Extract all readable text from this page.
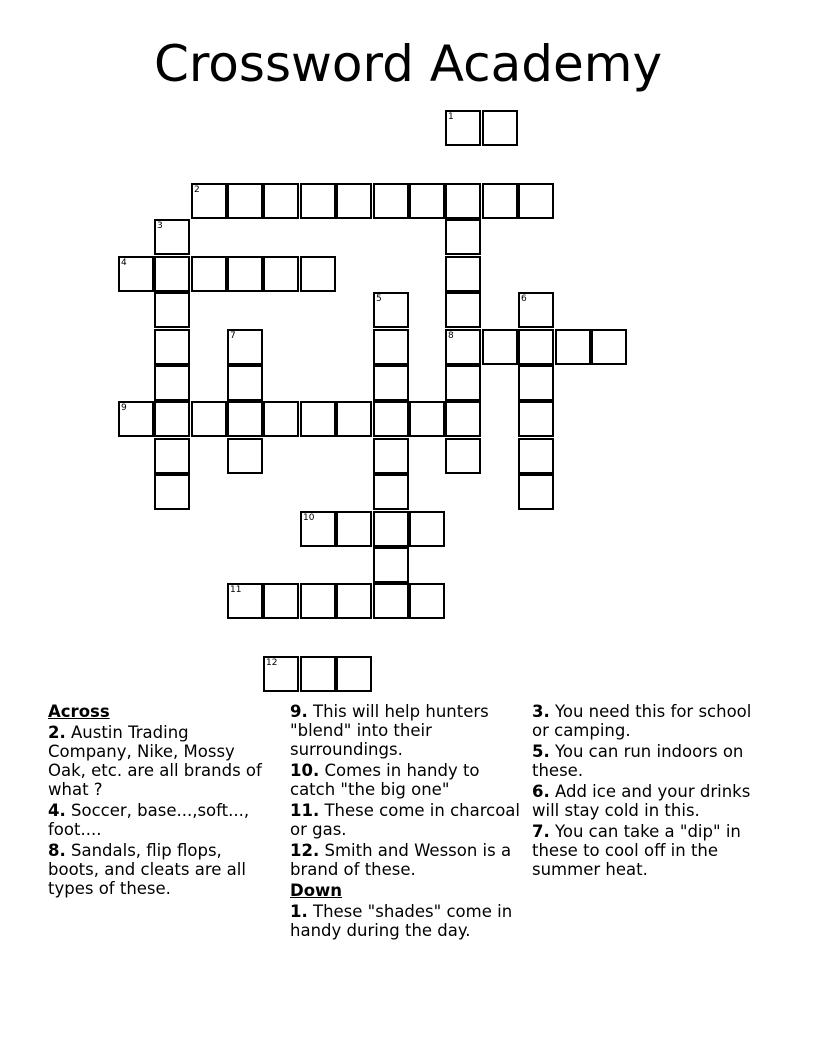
Crossword Academy
1
2
3
4
5	6
7	8
9
10
11
12

Across

2. Austin Trading Company, Nike, Mossy Oak, etc. are all brands of what ?

4. Soccer, base...,soft..., foot....

8. Sandals, flip flops, boots, and cleats are all types of these.

9. This will help hunters "blend" into their surroundings.

10. Comes in handy to catch "the big one"

11. These come in charcoal or gas.

12. Smith and Wesson is a brand of these.

Down

1. These "shades" come in handy during the day.

3. You need this for school or camping.

5. You can run indoors on these.

6. Add ice and your drinks will stay cold in this.

7. You can take a "dip" in these to cool off in the summer heat.
